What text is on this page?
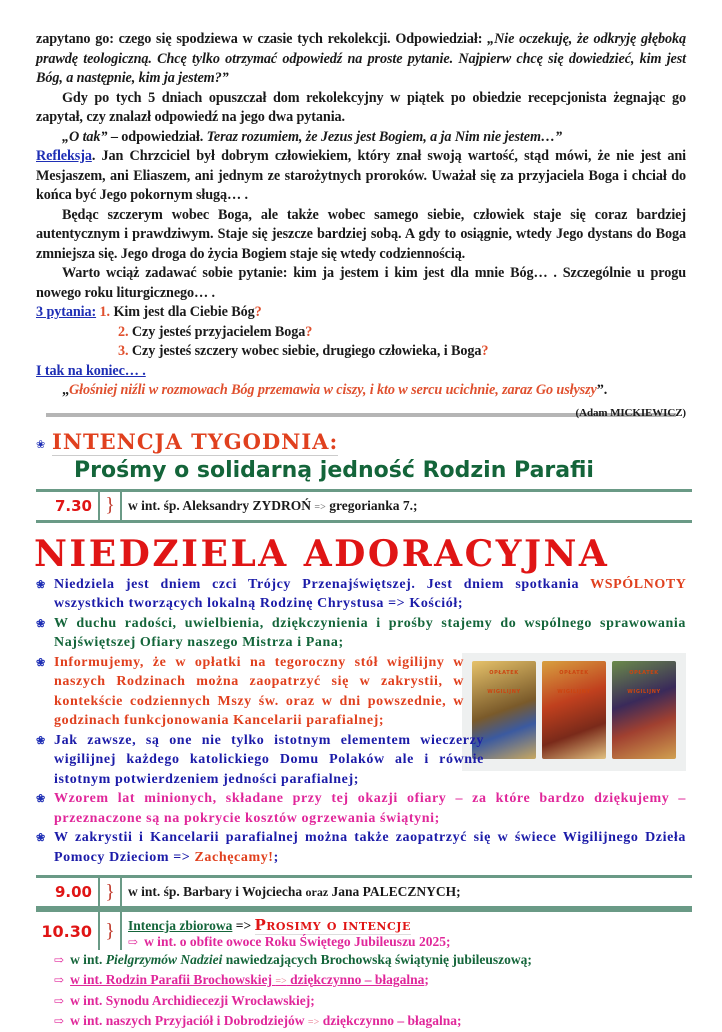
zapytano go: czego się spodziewa w czasie tych rekolekcji. Odpowiedział: „Nie oczekuję, że odkryję głęboką prawdę teologiczną. Chcę tylko otrzymać odpowiedź na proste pytanie. Najpierw chcę się dowiedzieć, kim jest Bóg, a następnie, kim ja jestem?”

Gdy po tych 5 dniach opuszczał dom rekolekcyjny w piątek po obiedzie recepcjonista żegnając go zapytał, czy znalazł odpowiedź na jego dwa pytania.

„O tak” – odpowiedział. Teraz rozumiem, że Jezus jest Bogiem, a ja Nim nie jestem…”

Refleksja. Jan Chrzciciel był dobrym człowiekiem, który znał swoją wartość, stąd mówi, że nie jest ani Mesjaszem, ani Eliaszem, ani jednym ze starożytnych proroków. Uważał się za przyjaciela Boga i chciał do końca być Jego pokornym sługą… .

Będąc szczerym wobec Boga, ale także wobec samego siebie, człowiek staje się coraz bardziej autentycznym i prawdziwym. Staje się jeszcze bardziej sobą. A gdy to osiągnie, wtedy Jego dystans do Boga zmniejsza się. Jego droga do życia Bogiem staje się wtedy codziennością.

Warto wciąż zadawać sobie pytanie: kim ja jestem i kim jest dla mnie Bóg… . Szczególnie u progu nowego roku liturgicznego… .

3 pytania: 1. Kim jest dla Ciebie Bóg?

2. Czy jesteś przyjacielem Boga?

3. Czy jesteś szczery wobec siebie, drugiego człowieka, i Boga?

I tak na koniec… .

„Głośniej niźli w rozmowach Bóg przemawia w ciszy, i kto w sercu ucichnie, zaraz Go usłyszy”.
(Adam MICKIEWICZ)

❀ INTENCJA TYGODNIA:
Prośmy o solidarną jedność Rodzin Parafii
7.30 } w int. śp. Aleksandry ZYDROŃ => gregorianka 7.;
NIEDZIELA ADORACYJNA
❀ Niedziela jest dniem czci Trójcy Przenajświętszej. Jest dniem spotkania WSPÓLNOTY wszystkich tworzących lokalną Rodzinę Chrystusa => Kościół;
❀ W duchu radości, uwielbienia, dziękczynienia i prośby stajemy do wspólnego sprawowania Najświętszej Ofiary naszego Mistrza i Pana;
OPŁATEK WIGILIJNY
OPŁATEK WIGILIJNY
OPŁATEK WIGILIJNY
❀ Informujemy, że w opłatki na tegoroczny stół wigilijny w naszych Rodzinach można zaopatrzyć się w zakrystii, w kontekście codziennych Mszy św. oraz w dni powszednie, w godzinach funkcjonowania Kancelarii parafialnej;
❀ Jak zawsze, są one nie tylko istotnym elementem wieczerzy wigilijnej każdego katolickiego Domu Polaków ale i równie istotnym potwierdzeniem jedności parafialnej;
❀ Wzorem lat minionych, składane przy tej okazji ofiary – za które bardzo dziękujemy – przeznaczone są na pokrycie kosztów ogrzewania świątyni;
❀ W zakrystii i Kancelarii parafialnej można także zaopatrzyć się w świece Wigilijnego Dzieła Pomocy Dzieciom => Zachęcamy!;
9.00 } w int. śp. Barbary i Wojciecha oraz Jana PALECZNYCH;
10.30 } Intencja zbiorowa => Prosimy o intencje
⇨ w int. o obfite owoce Roku Świętego Jubileuszu 2025;
⇨ w int. Pielgrzymów Nadziei nawiedzających Brochowską świątynię jubileuszową;
⇨ w int. Rodzin Parafii Brochowskiej => dziękczynno – błagalna;
⇨ w int. Synodu Archidiecezji Wrocławskiej;
⇨ w int. naszych Przyjaciół i Dobrodziejów => dziękczynno – błagalna;
